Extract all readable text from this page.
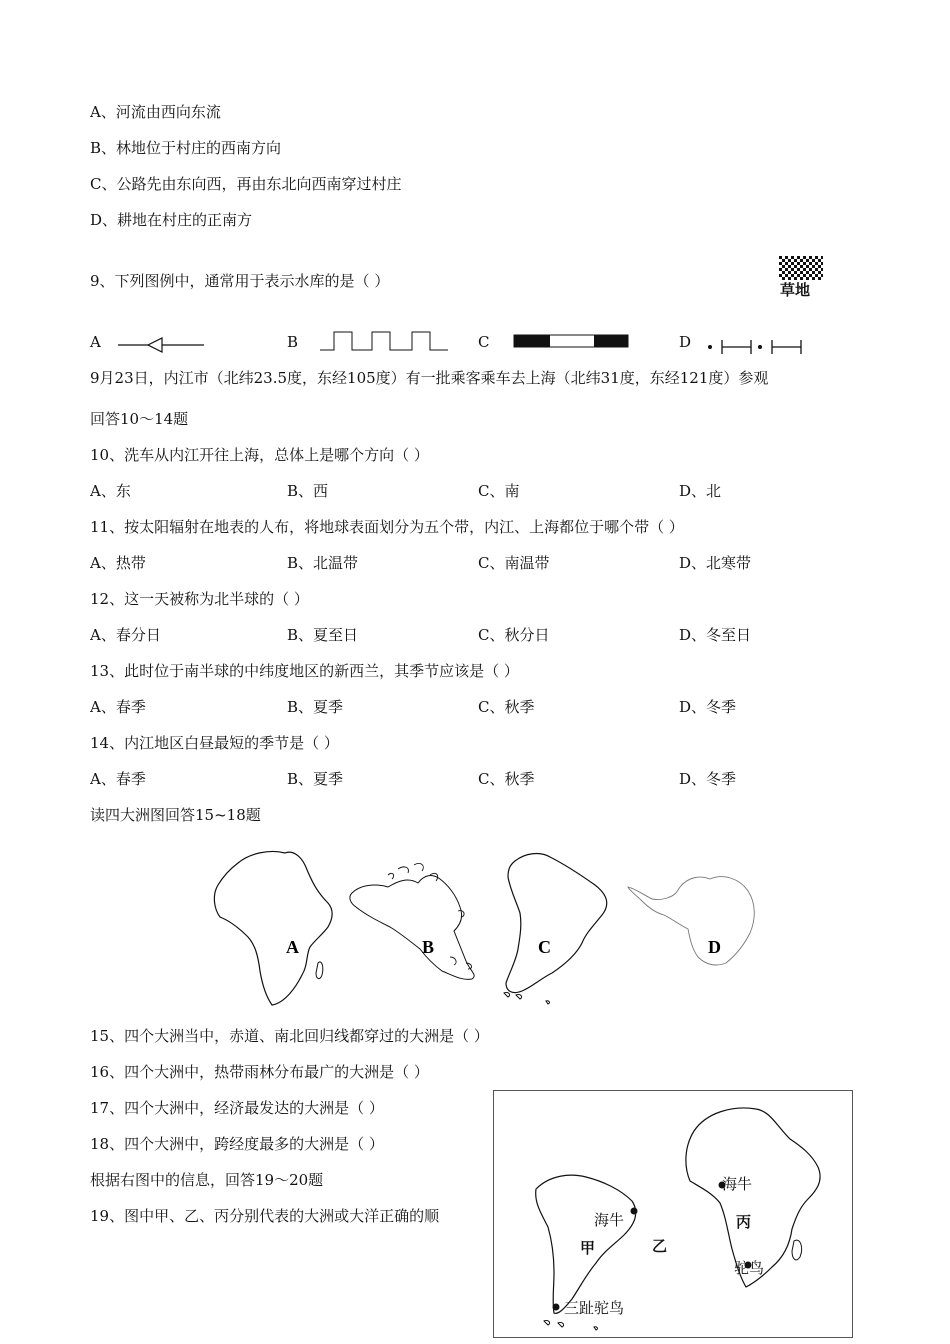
A、河流由西向东流
B、林地位于村庄的西南方向
C、公路先由东向西，再由东北向西南穿过村庄
D、耕地在村庄的正南方
9、下列图例中，通常用于表示水库的是（ ）	草地
A	B	C	D
9月23日，内江市（北纬23.5度，东经105度）有一批乘客乘车去上海（北纬31度，东经121度）参观
回答10～14题
10、洗车从内江开往上海，总体上是哪个方向（ ）
A、东	B、西	C、南	D、北
11、按太阳辐射在地表的人布，将地球表面划分为五个带，内江、上海都位于哪个带（ ）
A、热带	B、北温带	C、南温带	D、北寒带
12、这一天被称为北半球的（ ）
A、春分日	B、夏至日	C、秋分日	D、冬至日
13、此时位于南半球的中纬度地区的新西兰，其季节应该是（ ）
A、春季	B、夏季	C、秋季	D、冬季
14、内江地区白昼最短的季节是（ ）
A、春季	B、夏季	C、秋季	D、冬季
读四大洲图回答15~18题
A	B	C	D
15、四个大洲当中，赤道、南北回归线都穿过的大洲是（ ）
16、四个大洲中，热带雨林分布最广的大洲是（ ）
17、四个大洲中，经济最发达的大洲是（ ）
18、四个大洲中，跨经度最多的大洲是（ ）
根据右图中的信息，回答19～20题
19、图中甲、乙、丙分别代表的大洲或大洋正确的顺	海牛
海牛
甲	乙
丙
三趾驼鸟
驼鸟
